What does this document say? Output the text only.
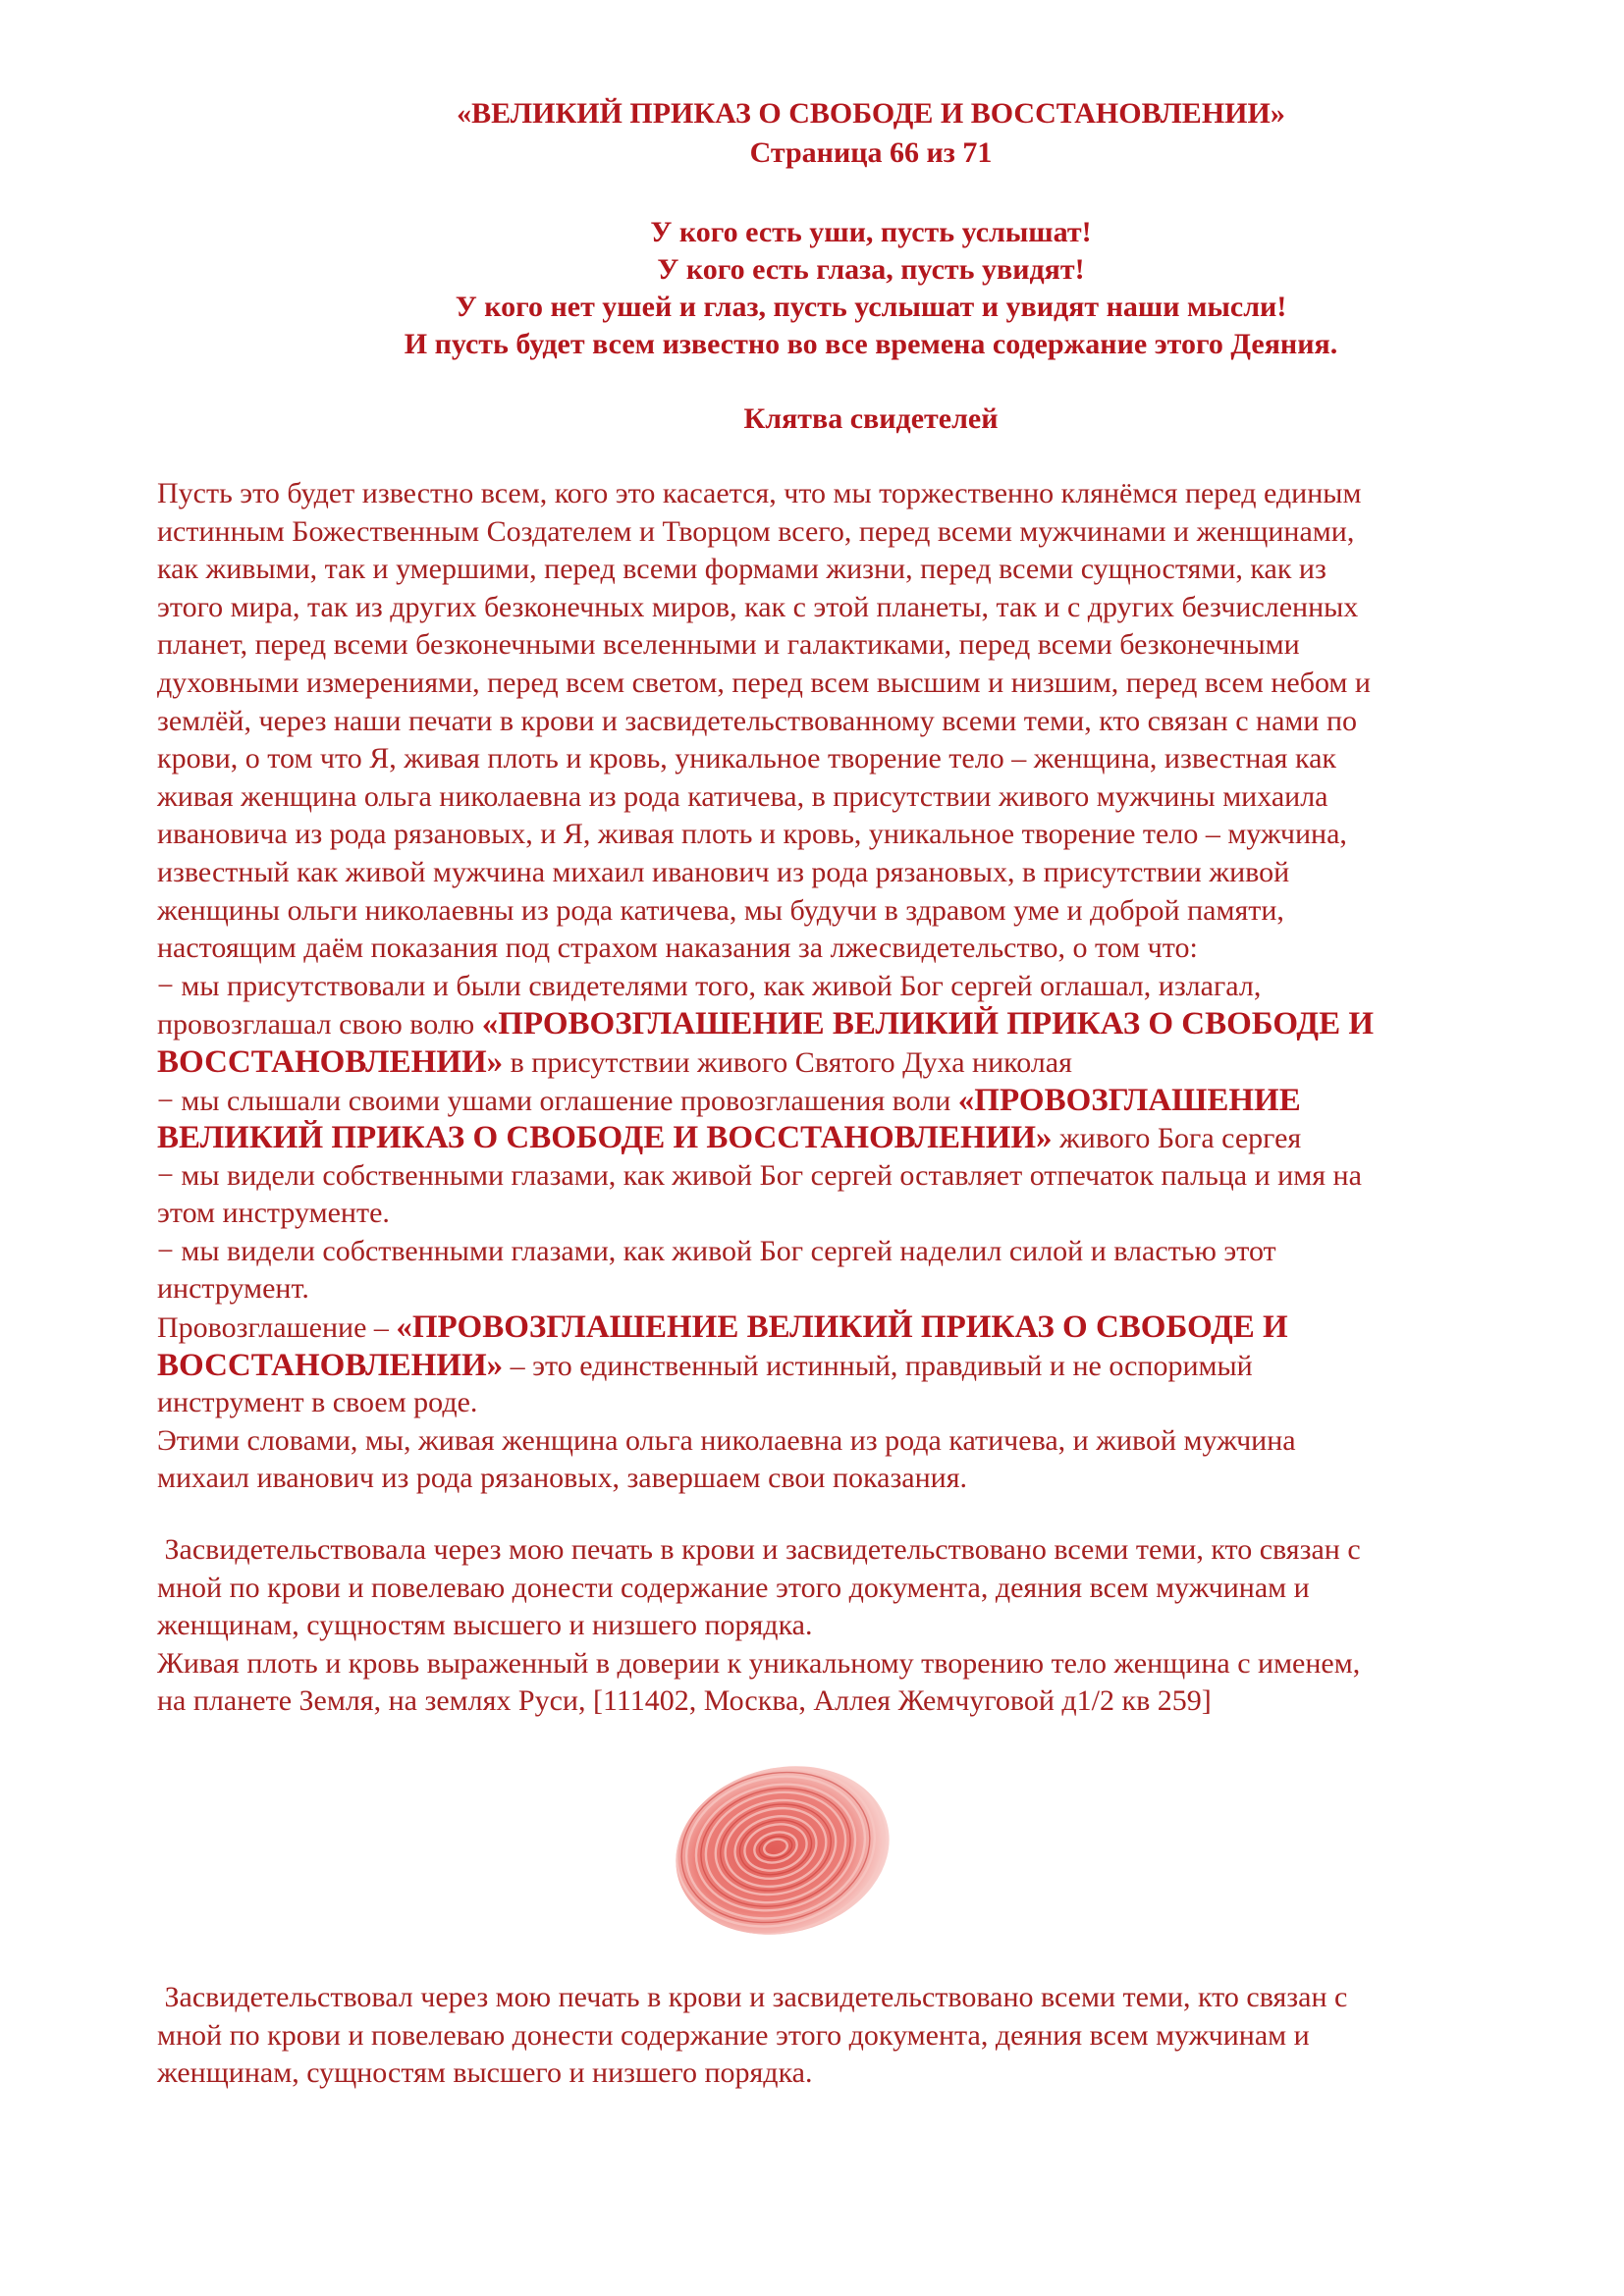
«ВЕЛИКИЙ ПРИКАЗ О СВОБОДЕ И ВОССТАНОВЛЕНИИ»
Страница 66 из 71
У кого есть уши, пусть услышат!
У кого есть глаза, пусть увидят!
У кого нет ушей и глаз, пусть услышат и увидят наши мысли!
И пусть будет всем известно во все времена содержание этого Деяния.
Клятва свидетелей
Пусть это будет известно всем, кого это касается, что мы торжественно клянёмся перед единым
истинным Божественным Создателем и Творцом всего, перед всеми мужчинами и женщинами,
как живыми, так и умершими, перед всеми формами жизни, перед всеми сущностями, как из
этого мира, так из других безконечных миров, как с этой планеты, так и с других безчисленных
планет, перед всеми безконечными вселенными и галактиками, перед всеми безконечными
духовными измерениями, перед всем светом, перед всем высшим и низшим, перед всем небом и
землёй, через наши печати в крови и засвидетельствованному всеми теми, кто связан с нами по
крови, о том что Я, живая плоть и кровь, уникальное творение тело – женщина, известная как
живая женщина ольга николаевна из рода катичева, в присутствии живого мужчины михаила
ивановича из рода рязановых, и Я, живая плоть и кровь, уникальное творение тело – мужчина,
известный как живой мужчина михаил иванович из рода рязановых, в присутствии живой
женщины ольги николаевны из рода катичева, мы будучи в здравом уме и доброй памяти,
настоящим даём показания под страхом наказания за лжесвидетельство, о том что:
− мы присутствовали и были свидетелями того, как живой Бог сергей оглашал, излагал,
провозглашал свою волю «ПРОВОЗГЛАШЕНИЕ ВЕЛИКИЙ ПРИКАЗ О СВОБОДЕ И
ВОССТАНОВЛЕНИИ» в присутствии живого Святого Духа николая
− мы слышали своими ушами оглашение провозглашения воли «ПРОВОЗГЛАШЕНИЕ
ВЕЛИКИЙ ПРИКАЗ О СВОБОДЕ И ВОССТАНОВЛЕНИИ» живого Бога сергея
− мы видели собственными глазами, как живой Бог сергей оставляет отпечаток пальца и имя на
этом инструменте.
− мы видели собственными глазами, как живой Бог сергей наделил силой и властью этот
инструмент.
Провозглашение – «ПРОВОЗГЛАШЕНИЕ ВЕЛИКИЙ ПРИКАЗ О СВОБОДЕ И
ВОССТАНОВЛЕНИИ» – это единственный истинный, правдивый и не оспоримый
инструмент в своем роде.
Этими словами, мы, живая женщина ольга николаевна из рода катичева, и живой мужчина
михаил иванович из рода рязановых, завершаем свои показания.
Засвидетельствовала через мою печать в крови и засвидетельствовано всеми теми, кто связан с
мной по крови и повелеваю донести содержание этого документа, деяния всем мужчинам и
женщинам, сущностям высшего и низшего порядка.
Живая плоть и кровь выраженный в доверии к уникальному творению тело женщина с именем,
на планете Земля, на землях Руси, [111402, Москва, Аллея Жемчуговой д1/2 кв 259]
Засвидетельствовал через мою печать в крови и засвидетельствовано всеми теми, кто связан с
мной по крови и повелеваю донести содержание этого документа, деяния всем мужчинам и
женщинам, сущностям высшего и низшего порядка.
